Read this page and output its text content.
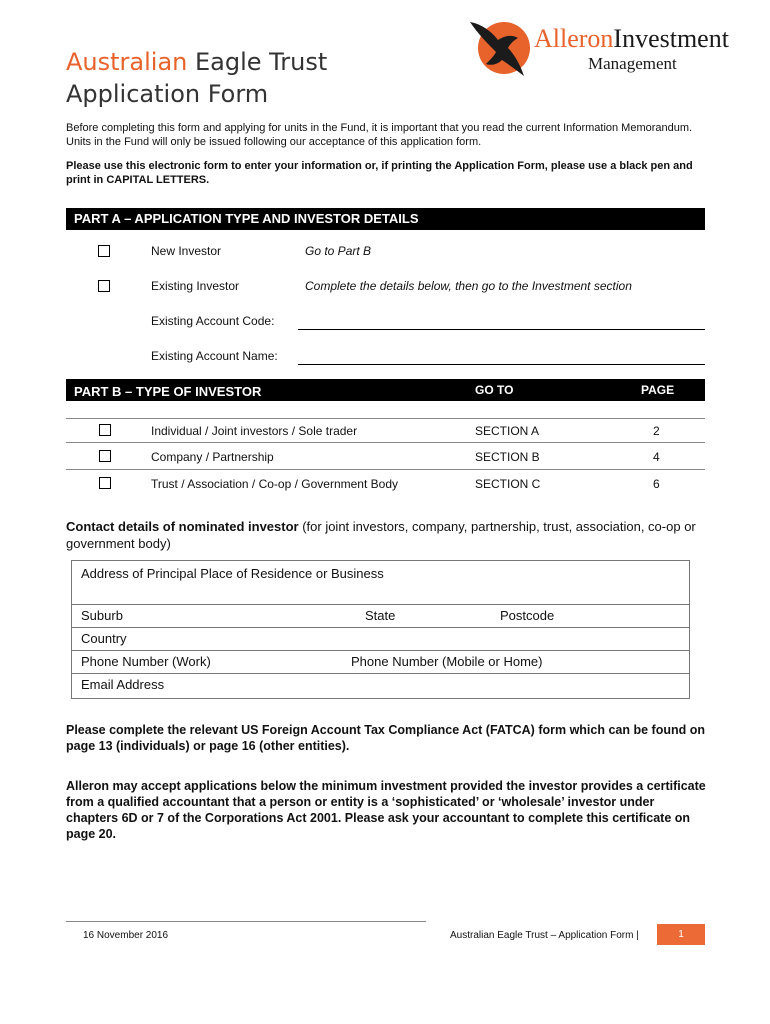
AlleronInvestment
Management
Australian Eagle Trust
Application Form

Before completing this form and applying for units in the Fund, it is important that you read the current Information Memorandum. Units in the Fund will only be issued following our acceptance of this application form.

Please use this electronic form to enter your information or, if printing the Application Form, please use a black pen and print in CAPITAL LETTERS.

PART A – APPLICATION TYPE AND INVESTOR DETAILS
New Investor	Go to Part B
Existing Investor	Complete the details below, then go to the Investment section
Existing Account Code:
Existing Account Name:
PART B – TYPE OF INVESTOR	GO TO	PAGE
Individual / Joint investors / Sole trader	SECTION A	2
Company / Partnership	SECTION B	4
Trust / Association / Co-op / Government Body	SECTION C	6

Contact details of nominated investor (for joint investors, company, partnership, trust, association, co-op or government body)

Address of Principal Place of Residence or Business
Suburb	State	Postcode
Country
Phone Number (Work)	Phone Number (Mobile or Home)
Email Address

Please complete the relevant US Foreign Account Tax Compliance Act (FATCA) form which can be found on page 13 (individuals) or page 16 (other entities).

Alleron may accept applications below the minimum investment provided the investor provides a certificate from a qualified accountant that a person or entity is a ‘sophisticated’ or ‘wholesale’ investor under chapters 6D or 7 of the Corporations Act 2001. Please ask your accountant to complete this certificate on page 20.

16 November 2016	Australian Eagle Trust – Application Form |	1
